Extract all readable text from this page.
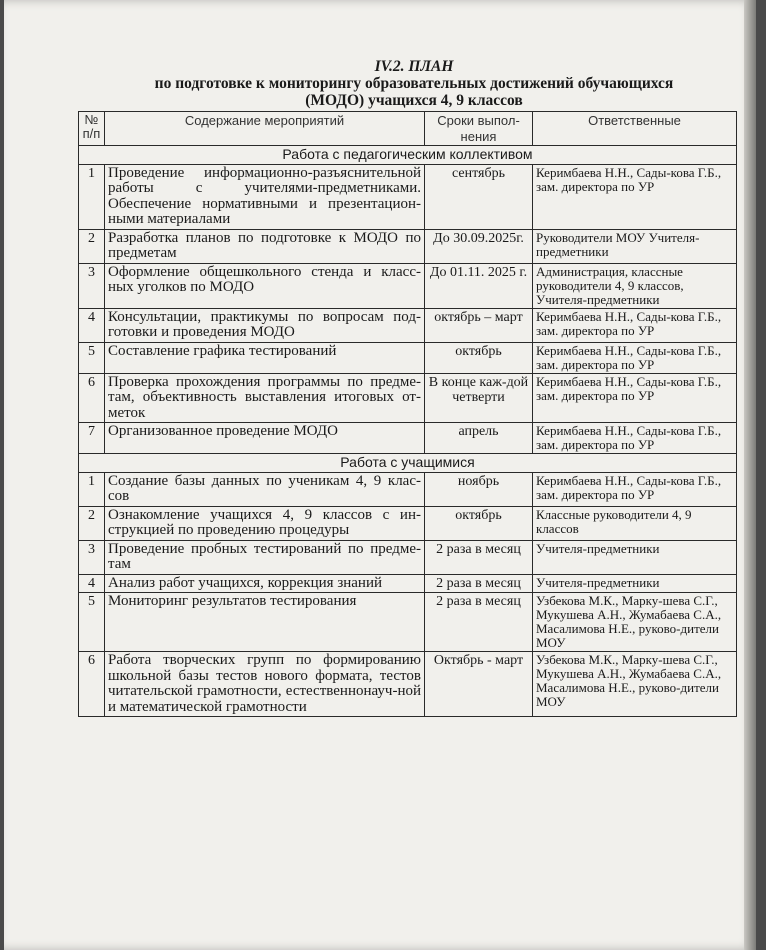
IV.2. ПЛАН
по подготовке к мониторингу образовательных достижений обучающихся
(МОДО) учащихся 4, 9 классов
№ п/п	Содержание мероприятий	Сроки выпол-нения	Ответственные
Работа с педагогическим коллективом			
1	Проведение информационно-разъяснительной работы с учителями-предметниками. Обеспечение нормативными и презентацион-ными материалами	сентябрь	Керимбаева Н.Н., Сады-кова Г.Б., зам. директора по УР
2	Разработка планов по подготовке к МОДО по предметам	До 30.09.2025г.	Руководители МОУ Учителя-предметники
3	Оформление общешкольного стенда и класс-ных уголков по МОДО	До 01.11. 2025 г.	Администрация, классные руководители 4, 9 классов, Учителя-предметники
4	Консультации, практикумы по вопросам под-готовки и проведения МОДО	октябрь – март	Керимбаева Н.Н., Сады-кова Г.Б., зам. директора по УР
5	Составление графика тестирований	октябрь	Керимбаева Н.Н., Сады-кова Г.Б., зам. директора по УР
6	Проверка прохождения программы по предме-там, объективность выставления итоговых от-меток	В конце каж-дой четверти	Керимбаева Н.Н., Сады-кова Г.Б., зам. директора по УР
7	Организованное проведение МОДО	апрель	Керимбаева Н.Н., Сады-кова Г.Б., зам. директора по УР
Работа с учащимися			
1	Создание базы данных по ученикам 4, 9 клас-сов	ноябрь	Керимбаева Н.Н., Сады-кова Г.Б., зам. директора по УР
2	Ознакомление учащихся 4, 9 классов с ин-струкцией по проведению процедуры	октябрь	Классные руководители 4, 9 классов
3	Проведение пробных тестирований по предме-там	2 раза в месяц	Учителя-предметники
4	Анализ работ учащихся, коррекция знаний	2 раза в месяц	Учителя-предметники
5	Мониторинг результатов тестирования	2 раза в месяц	Узбекова М.К., Марку-шева С.Г., Мукушева А.Н., Жумабаева С.А., Масалимова Н.Е., руково-дители МОУ
6	Работа творческих групп по формированию школьной базы тестов нового формата, тестов читательской грамотности, естественнонауч-ной и математической грамотности	Октябрь - март	Узбекова М.К., Марку-шева С.Г., Мукушева А.Н., Жумабаева С.А., Масалимова Н.Е., руково-дители МОУ
